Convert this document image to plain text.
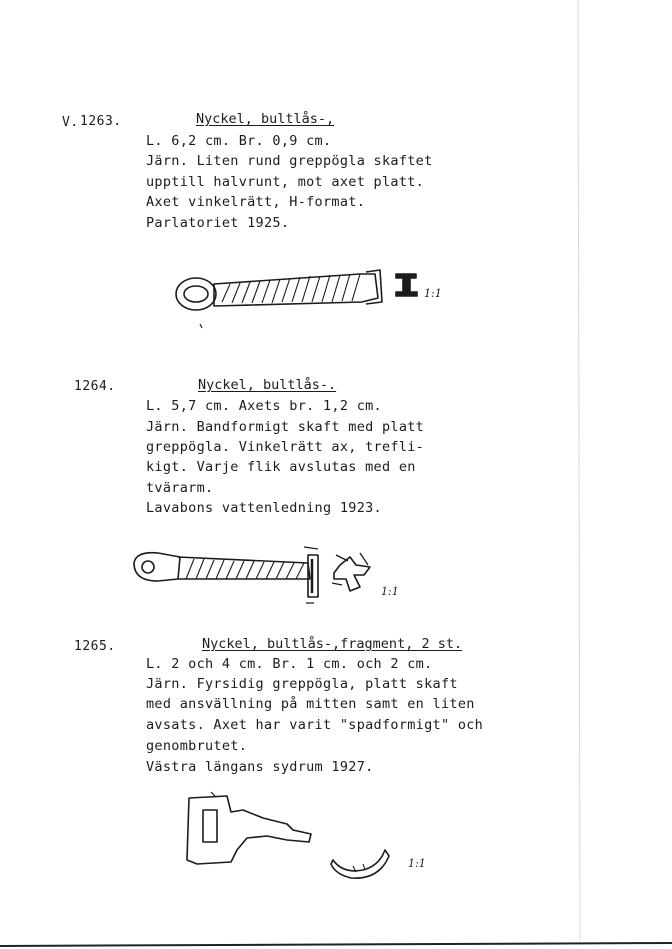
V. 1263.	Nyckel, bultlås-,
L. 6,2 cm. Br. 0,9 cm.
Järn. Liten rund greppögla skaftet
upptill halvrunt, mot axet platt.
Axet vinkelrätt, H-format.
Parlatoriet 1925.
1:1
1264.	Nyckel, bultlås-.
L. 5,7 cm. Axets br. 1,2 cm.
Järn. Bandformigt skaft med platt
greppögla. Vinkelrätt ax, trefli-
kigt. Varje flik avslutas med en
tvärarm.
Lavabons vattenledning 1923.
1:1
1265.	Nyckel, bultlås-,fragment, 2 st.
L. 2 och 4 cm. Br. 1 cm. och 2 cm.
Järn. Fyrsidig greppögla, platt skaft
med ansvällning på mitten samt en liten
avsats. Axet har varit "spadformigt" och
genombrutet.
Västra längans sydrum 1927.
1:1
